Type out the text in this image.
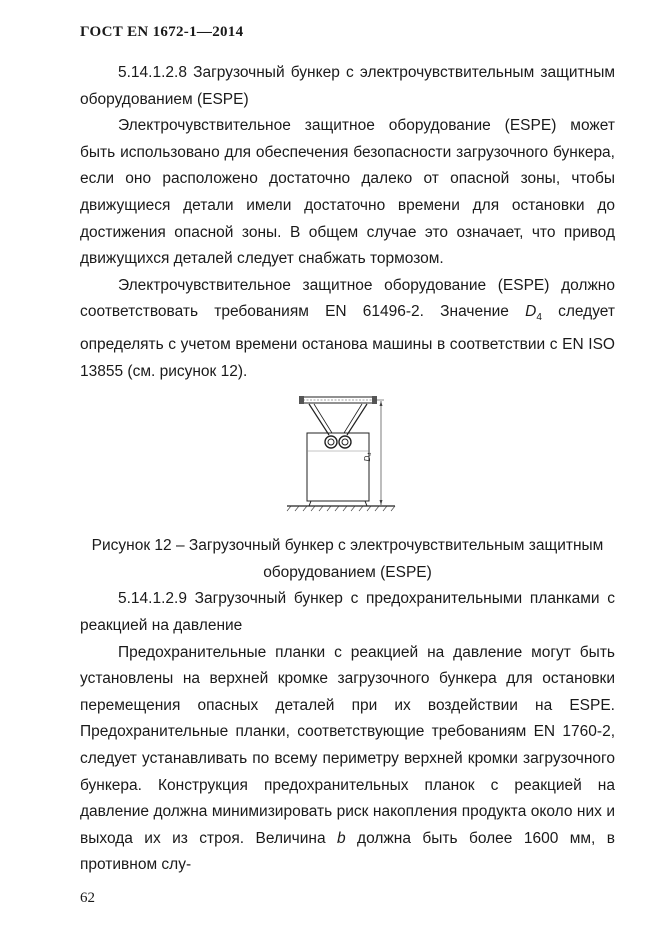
ГОСТ EN 1672-1—2014

5.14.1.2.8 Загрузочный бункер с электрочувствительным защитным оборудованием (ESPE)

Электрочувствительное защитное оборудование (ESPE) может быть использовано для обеспечения безопасности загрузочного бункера, если оно расположено достаточно далеко от опасной зоны, чтобы движущиеся детали имели достаточно времени для остановки до достижения опасной зоны. В общем случае это означает, что привод движущихся деталей следует снабжать тормозом.

Электрочувствительное защитное оборудование (ESPE) должно соответствовать требованиям EN 61496-2. Значение $D_4$ следует определять с учетом времени останова машины в соответствии с EN ISO 13855 (см. рисунок 12).

D₄

Рисунок 12 – Загрузочный бункер с электрочувствительным защитным оборудованием (ESPE)

5.14.1.2.9 Загрузочный бункер с предохранительными планками с реакцией на давление

Предохранительные планки с реакцией на давление могут быть установлены на верхней кромке загрузочного бункера для остановки перемещения опасных деталей при их воздействии на ESPE. Предохранительные планки, соответствующие требованиям EN 1760-2, следует устанавливать по всему периметру верхней кромки загрузочного бункера. Конструкция предохранительных планок с реакцией на давление должна минимизировать риск накопления продукта около них и выхода их из строя. Величина b должна быть более 1600 мм, в противном слу-

62
